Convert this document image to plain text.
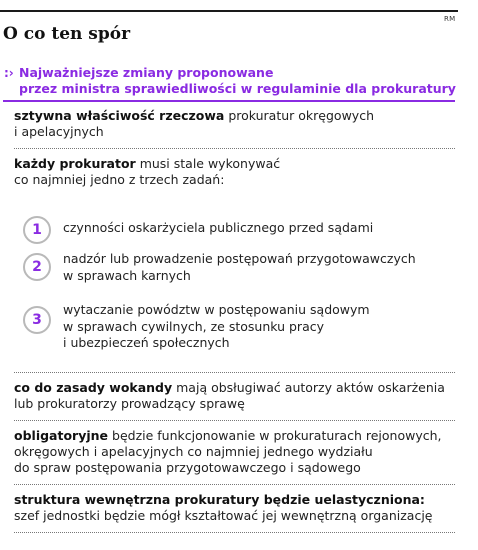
RM
O co ten spór
:› Najważniejsze zmiany proponowane
przez ministra sprawiedliwości w regulaminie dla prokuratury
sztywna właściwość rzeczowa prokuratur okręgowych
i apelacyjnych
każdy prokurator musi stale wykonywać
co najmniej jedno z trzech zadań:
1	czynności oskarżyciela publicznego przed sądami
2
nadzór lub prowadzenie postępowań przygotowawczych
w sprawach karnych
3
wytaczanie powództw w postępowaniu sądowym
w sprawach cywilnych, ze stosunku pracy
i ubezpieczeń społecznych
co do zasady wokandy mają obsługiwać autorzy aktów oskarżenia
lub prokuratorzy prowadzący sprawę
obligatoryjne będzie funkcjonowanie w prokuraturach rejonowych,
okręgowych i apelacyjnych co najmniej jednego wydziału
do spraw postępowania przygotowawczego i sądowego
struktura wewnętrzna prokuratury będzie uelastyczniona:
szef jednostki będzie mógł kształtować jej wewnętrzną organizację
